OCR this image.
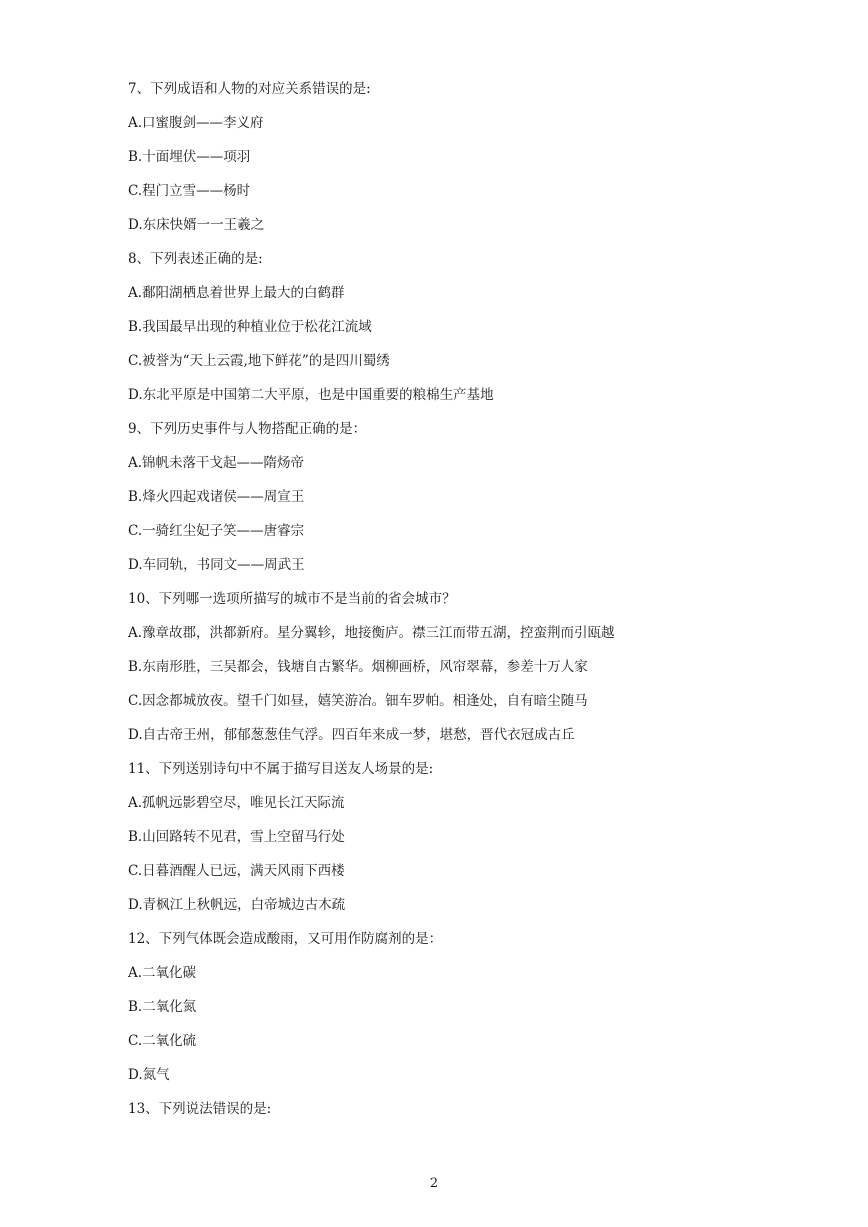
7、下列成语和人物的对应关系错误的是:
A.口蜜腹剑——李义府
B.十面埋伏——项羽
C.程门立雪——杨时
D.东床快婿一一王羲之
8、下列表述正确的是:
A.鄱阳湖栖息着世界上最大的白鹤群
B.我国最早出现的种植业位于松花江流域
C.被誉为“天上云霞,地下鲜花”的是四川蜀绣
D.东北平原是中国第二大平原，也是中国重要的粮棉生产基地
9、下列历史事件与人物搭配正确的是：
A.锦帆未落干戈起——隋炀帝
B.烽火四起戏诸侯——周宣王
C.一骑红尘妃子笑——唐睿宗
D.车同轨，书同文——周武王
10、下列哪一选项所描写的城市不是当前的省会城市？
A.豫章故郡，洪都新府。星分翼轸，地接衡庐。襟三江而带五湖，控蛮荆而引瓯越
B.东南形胜，三吴都会，钱塘自古繁华。烟柳画桥，风帘翠幕，参差十万人家
C.因念都城放夜。望千门如昼，嬉笑游冶。钿车罗帕。相逢处，自有暗尘随马
D.自古帝王州，郁郁葱葱佳气浮。四百年来成一梦，堪愁，晋代衣冠成古丘
11、下列送别诗句中不属于描写目送友人场景的是:
A.孤帆远影碧空尽，唯见长江天际流
B.山回路转不见君，雪上空留马行处
C.日暮酒醒人已远，满天风雨下西楼
D.青枫江上秋帆远，白帝城边古木疏
12、下列气体既会造成酸雨，又可用作防腐剂的是：
A.二氧化碳
B.二氧化氮
C.二氧化硫
D.氮气
13、下列说法错误的是:
2
